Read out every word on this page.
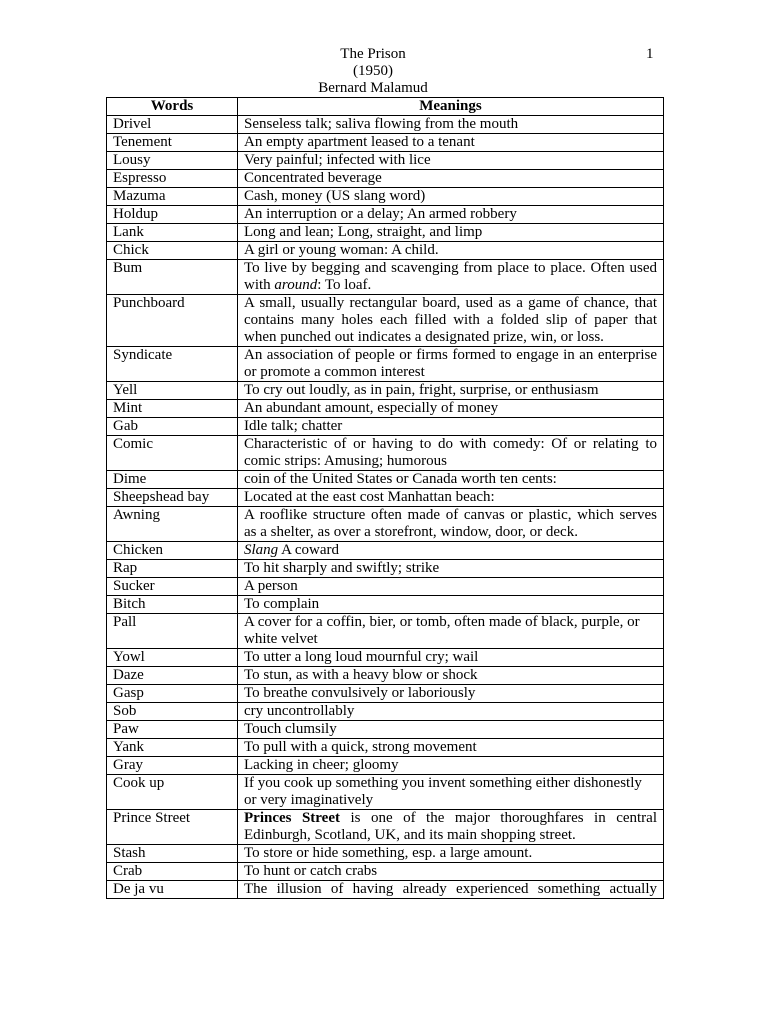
The Prison
(1950)
Bernard Malamud
1
Words	Meanings
Drivel	Senseless talk; saliva flowing from the mouth
Tenement	An empty apartment leased to a tenant
Lousy	Very painful; infected with lice
Espresso	Concentrated beverage
Mazuma	Cash, money (US slang word)
Holdup	An interruption or a delay; An armed robbery
Lank	Long and lean; Long, straight, and limp
Chick	A girl or young woman: A child.
Bum	To live by begging and scavenging from place to place. Often used
with around: To loaf.

Punchboard	A small, usually rectangular board, used as a game of chance, that
contains many holes each filled with a folded slip of paper that
when punched out indicates a designated prize, win, or loss.

Syndicate	An association of people or firms formed to engage in an enterprise
or promote a common interest

Yell	To cry out loudly, as in pain, fright, surprise, or enthusiasm
Mint	An abundant amount, especially of money
Gab	Idle talk; chatter
Comic	Characteristic of or having to do with comedy: Of or relating to
comic strips: Amusing; humorous

Dime	coin of the United States or Canada worth ten cents:
Sheepshead bay	Located at the east cost Manhattan beach:
Awning	A rooflike structure often made of canvas or plastic, which serves
as a shelter, as over a storefront, window, door, or deck.

Chicken	Slang A coward

Rap	To hit sharply and swiftly; strike
Sucker	A person
Bitch	To complain
Pall	A cover for a coffin, bier, or tomb, often made of black, purple, or
white velvet

Yowl	To utter a long loud mournful cry; wail
Daze	To stun, as with a heavy blow or shock
Gasp	To breathe convulsively or laboriously
Sob	cry uncontrollably
Paw	Touch clumsily
Yank	To pull with a quick, strong movement
Gray	Lacking in cheer; gloomy
Cook up	If you cook up something you invent something either dishonestly
or very imaginatively

Prince Street	Princes Street is one of the major thoroughfares in central
Edinburgh, Scotland, UK, and its main shopping street.

Stash	To store or hide something, esp. a large amount.
Crab	To hunt or catch crabs
De ja vu	The illusion of having already experienced something actually
